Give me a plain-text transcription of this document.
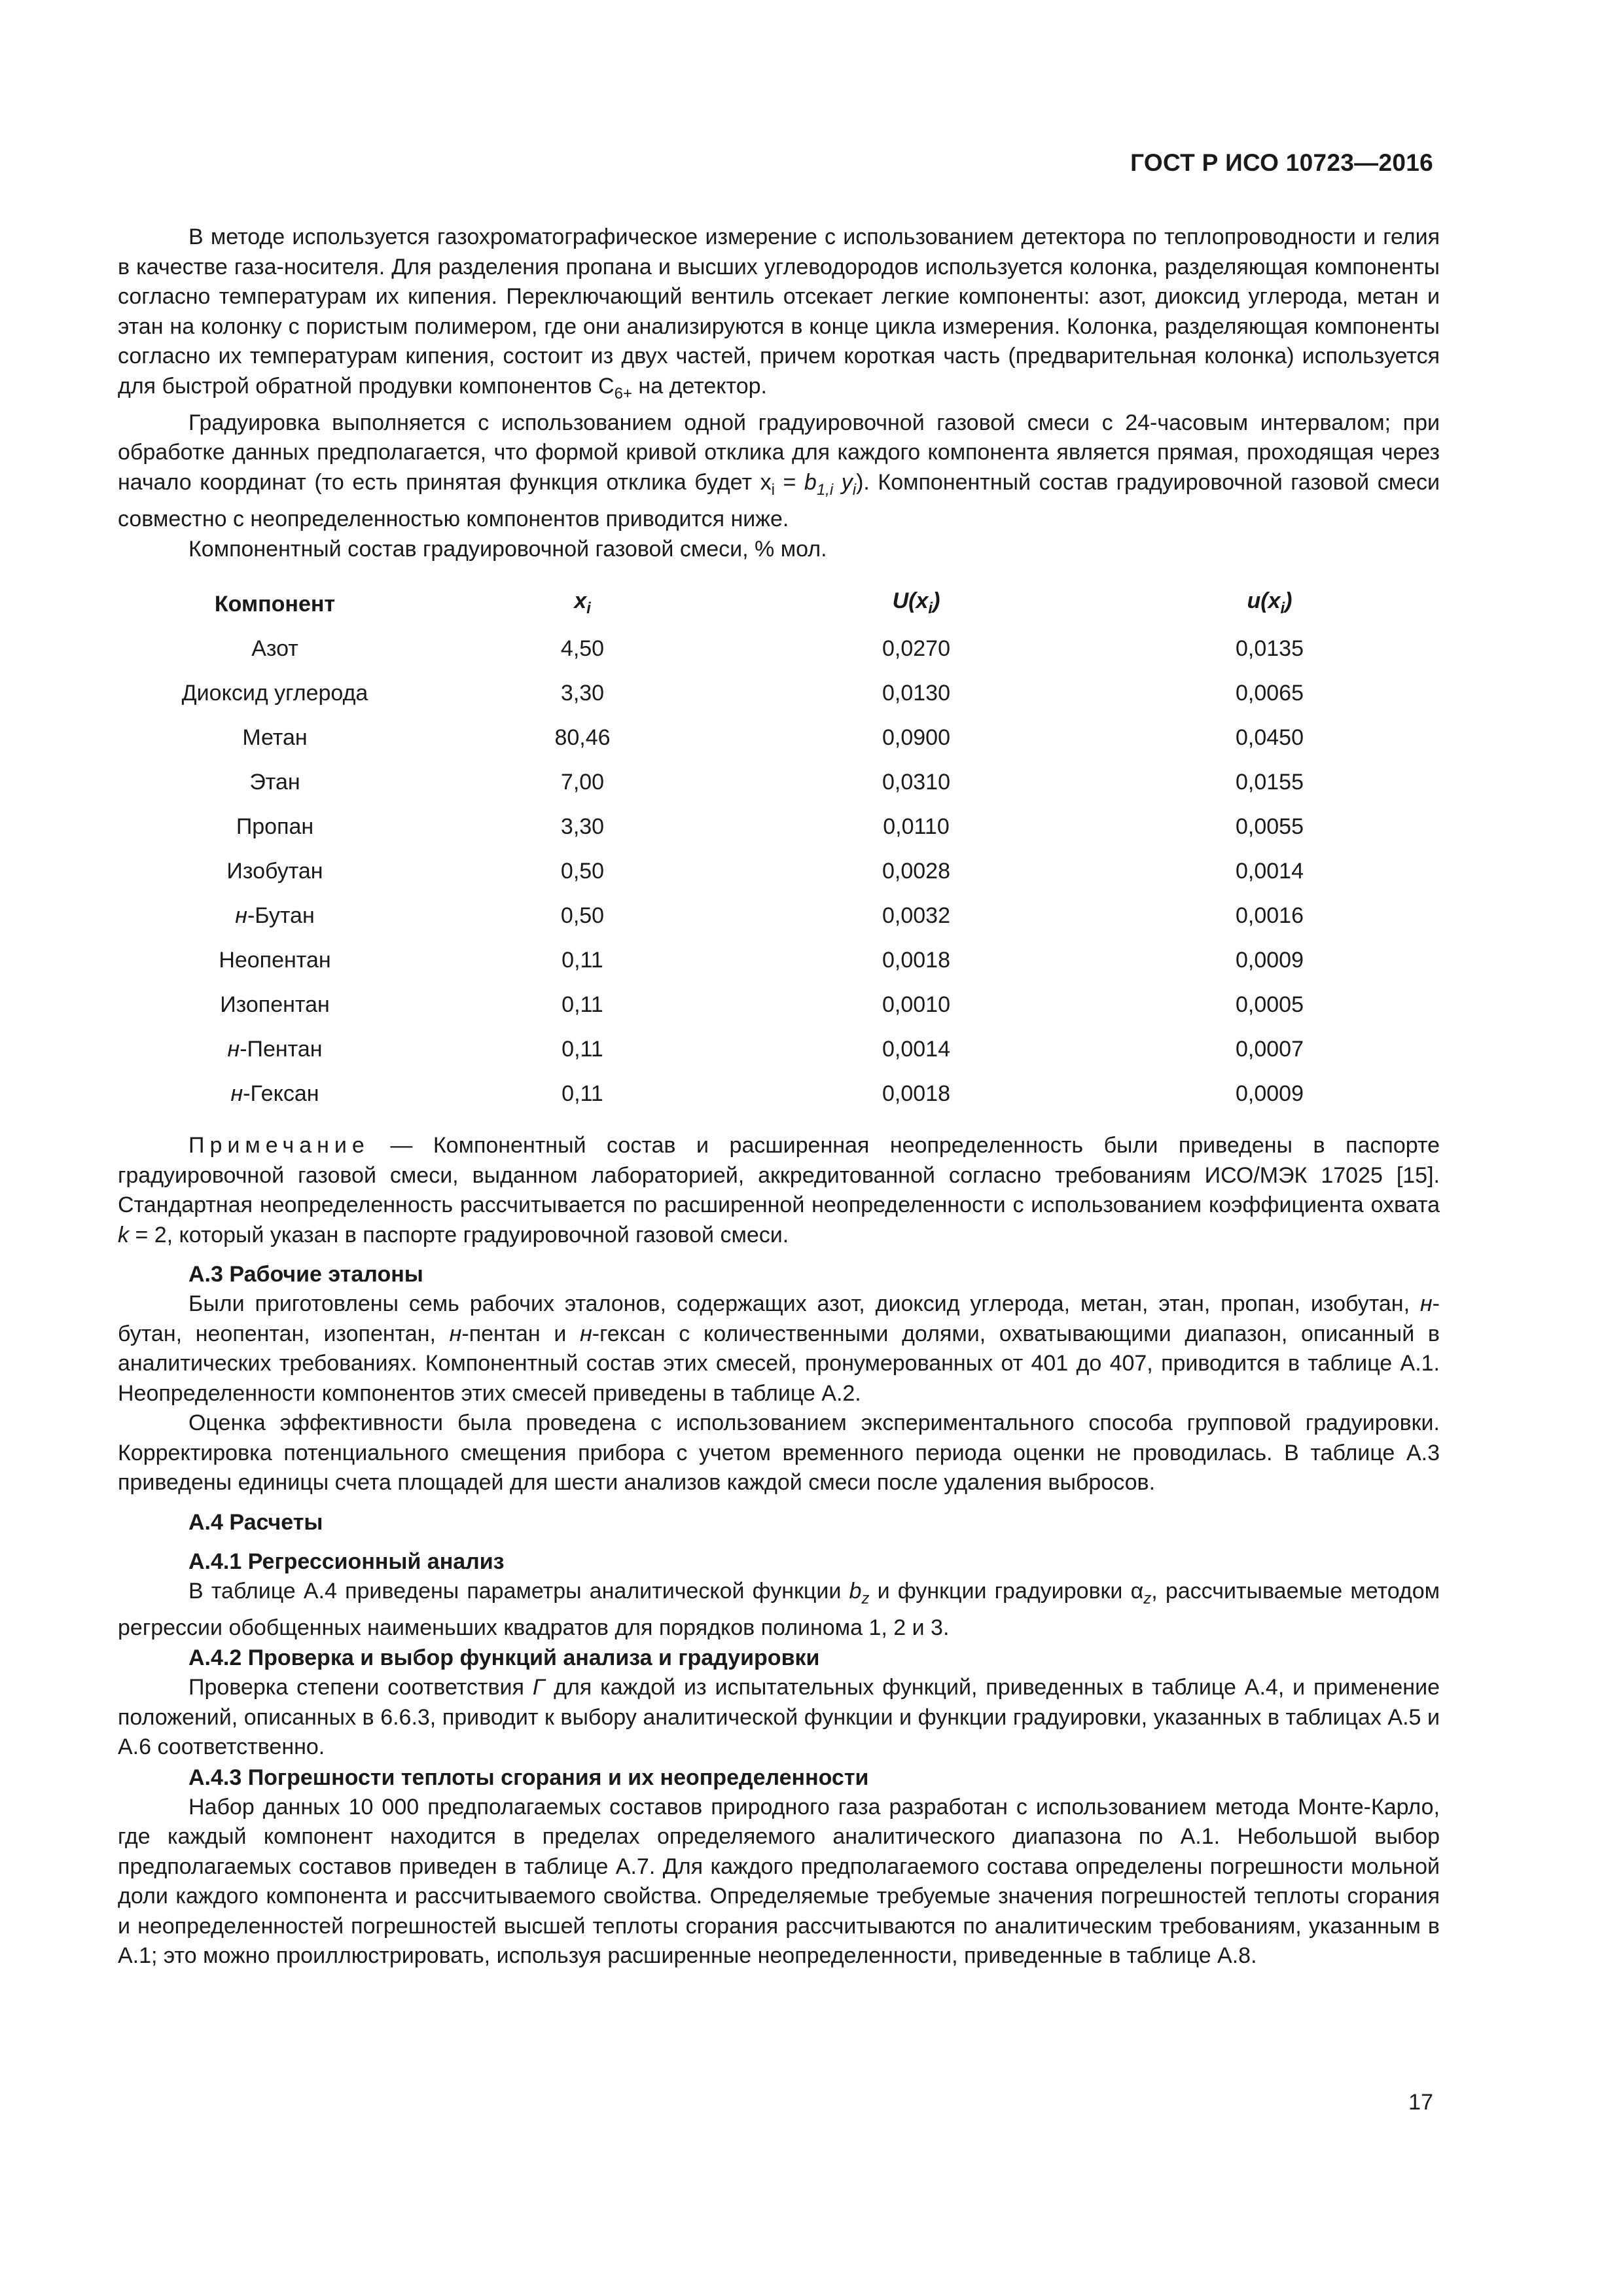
ГОСТ Р ИСО 10723—2016

В методе используется газохроматографическое измерение с использованием детектора по теплопроводности и гелия в качестве газа-носителя. Для разделения пропана и высших углеводородов используется колонка, разделяющая компоненты согласно температурам их кипения. Переключающий вентиль отсекает легкие компоненты: азот, диоксид углерода, метан и этан на колонку с пористым полимером, где они анализируются в конце цикла измерения. Колонка, разделяющая компоненты согласно их температурам кипения, состоит из двух частей, причем короткая часть (предварительная колонка) используется для быстрой обратной продувки компонентов $C_{6+}$ на детектор.

Градуировка выполняется с использованием одной градуировочной газовой смеси с 24-часовым интервалом; при обработке данных предполагается, что формой кривой отклика для каждого компонента является прямая, проходящая через начало координат (то есть принятая функция отклика будет $x_i = b_{1,i}$ $y_i$). Компонентный состав градуировочной газовой смеси совместно с неопределенностью компонентов приводится ниже.

Компонентный состав градуировочной газовой смеси, % мол.

Компонент	$x_i$	$U(x_i)$	$u(x_i)$
Азот	4,50	0,0270	0,0135
Диоксид углерода	3,30	0,0130	0,0065
Метан	80,46	0,0900	0,0450
Этан	7,00	0,0310	0,0155
Пропан	3,30	0,0110	0,0055
Изобутан	0,50	0,0028	0,0014
н-Бутан	0,50	0,0032	0,0016
Неопентан	0,11	0,0018	0,0009
Изопентан	0,11	0,0010	0,0005
н-Пентан	0,11	0,0014	0,0007
н-Гексан	0,11	0,0018	0,0009

Примечание — Компонентный состав и расширенная неопределенность были приведены в паспорте градуировочной газовой смеси, выданном лабораторией, аккредитованной согласно требованиям ИСО/МЭК 17025 [15]. Стандартная неопределенность рассчитывается по расширенной неопределенности с использованием коэффициента охвата k = 2, который указан в паспорте градуировочной газовой смеси.

А.3 Рабочие эталоны

Были приготовлены семь рабочих эталонов, содержащих азот, диоксид углерода, метан, этан, пропан, изобутан, н-бутан, неопентан, изопентан, н-пентан и н-гексан с количественными долями, охватывающими диапазон, описанный в аналитических требованиях. Компонентный состав этих смесей, пронумерованных от 401 до 407, приводится в таблице А.1. Неопределенности компонентов этих смесей приведены в таблице А.2.

Оценка эффективности была проведена с использованием экспериментального способа групповой градуировки. Корректировка потенциального смещения прибора с учетом временного периода оценки не проводилась. В таблице А.3 приведены единицы счета площадей для шести анализов каждой смеси после удаления выбросов.

А.4 Расчеты
А.4.1 Регрессионный анализ

В таблице А.4 приведены параметры аналитической функции $b_z$ и функции градуировки $\alpha_z$, рассчитываемые методом регрессии обобщенных наименьших квадратов для порядков полинома 1, 2 и 3.

А.4.2 Проверка и выбор функций анализа и градуировки

Проверка степени соответствия Γ для каждой из испытательных функций, приведенных в таблице А.4, и применение положений, описанных в 6.6.3, приводит к выбору аналитической функции и функции градуировки, указанных в таблицах А.5 и А.6 соответственно.

А.4.3 Погрешности теплоты сгорания и их неопределенности

Набор данных 10 000 предполагаемых составов природного газа разработан с использованием метода Монте-Карло, где каждый компонент находится в пределах определяемого аналитического диапазона по А.1. Небольшой выбор предполагаемых составов приведен в таблице А.7. Для каждого предполагаемого состава определены погрешности мольной доли каждого компонента и рассчитываемого свойства. Определяемые требуемые значения погрешностей теплоты сгорания и неопределенностей погрешностей высшей теплоты сгорания рассчитываются по аналитическим требованиям, указанным в А.1; это можно проиллюстрировать, используя расширенные неопределенности, приведенные в таблице А.8.

17
